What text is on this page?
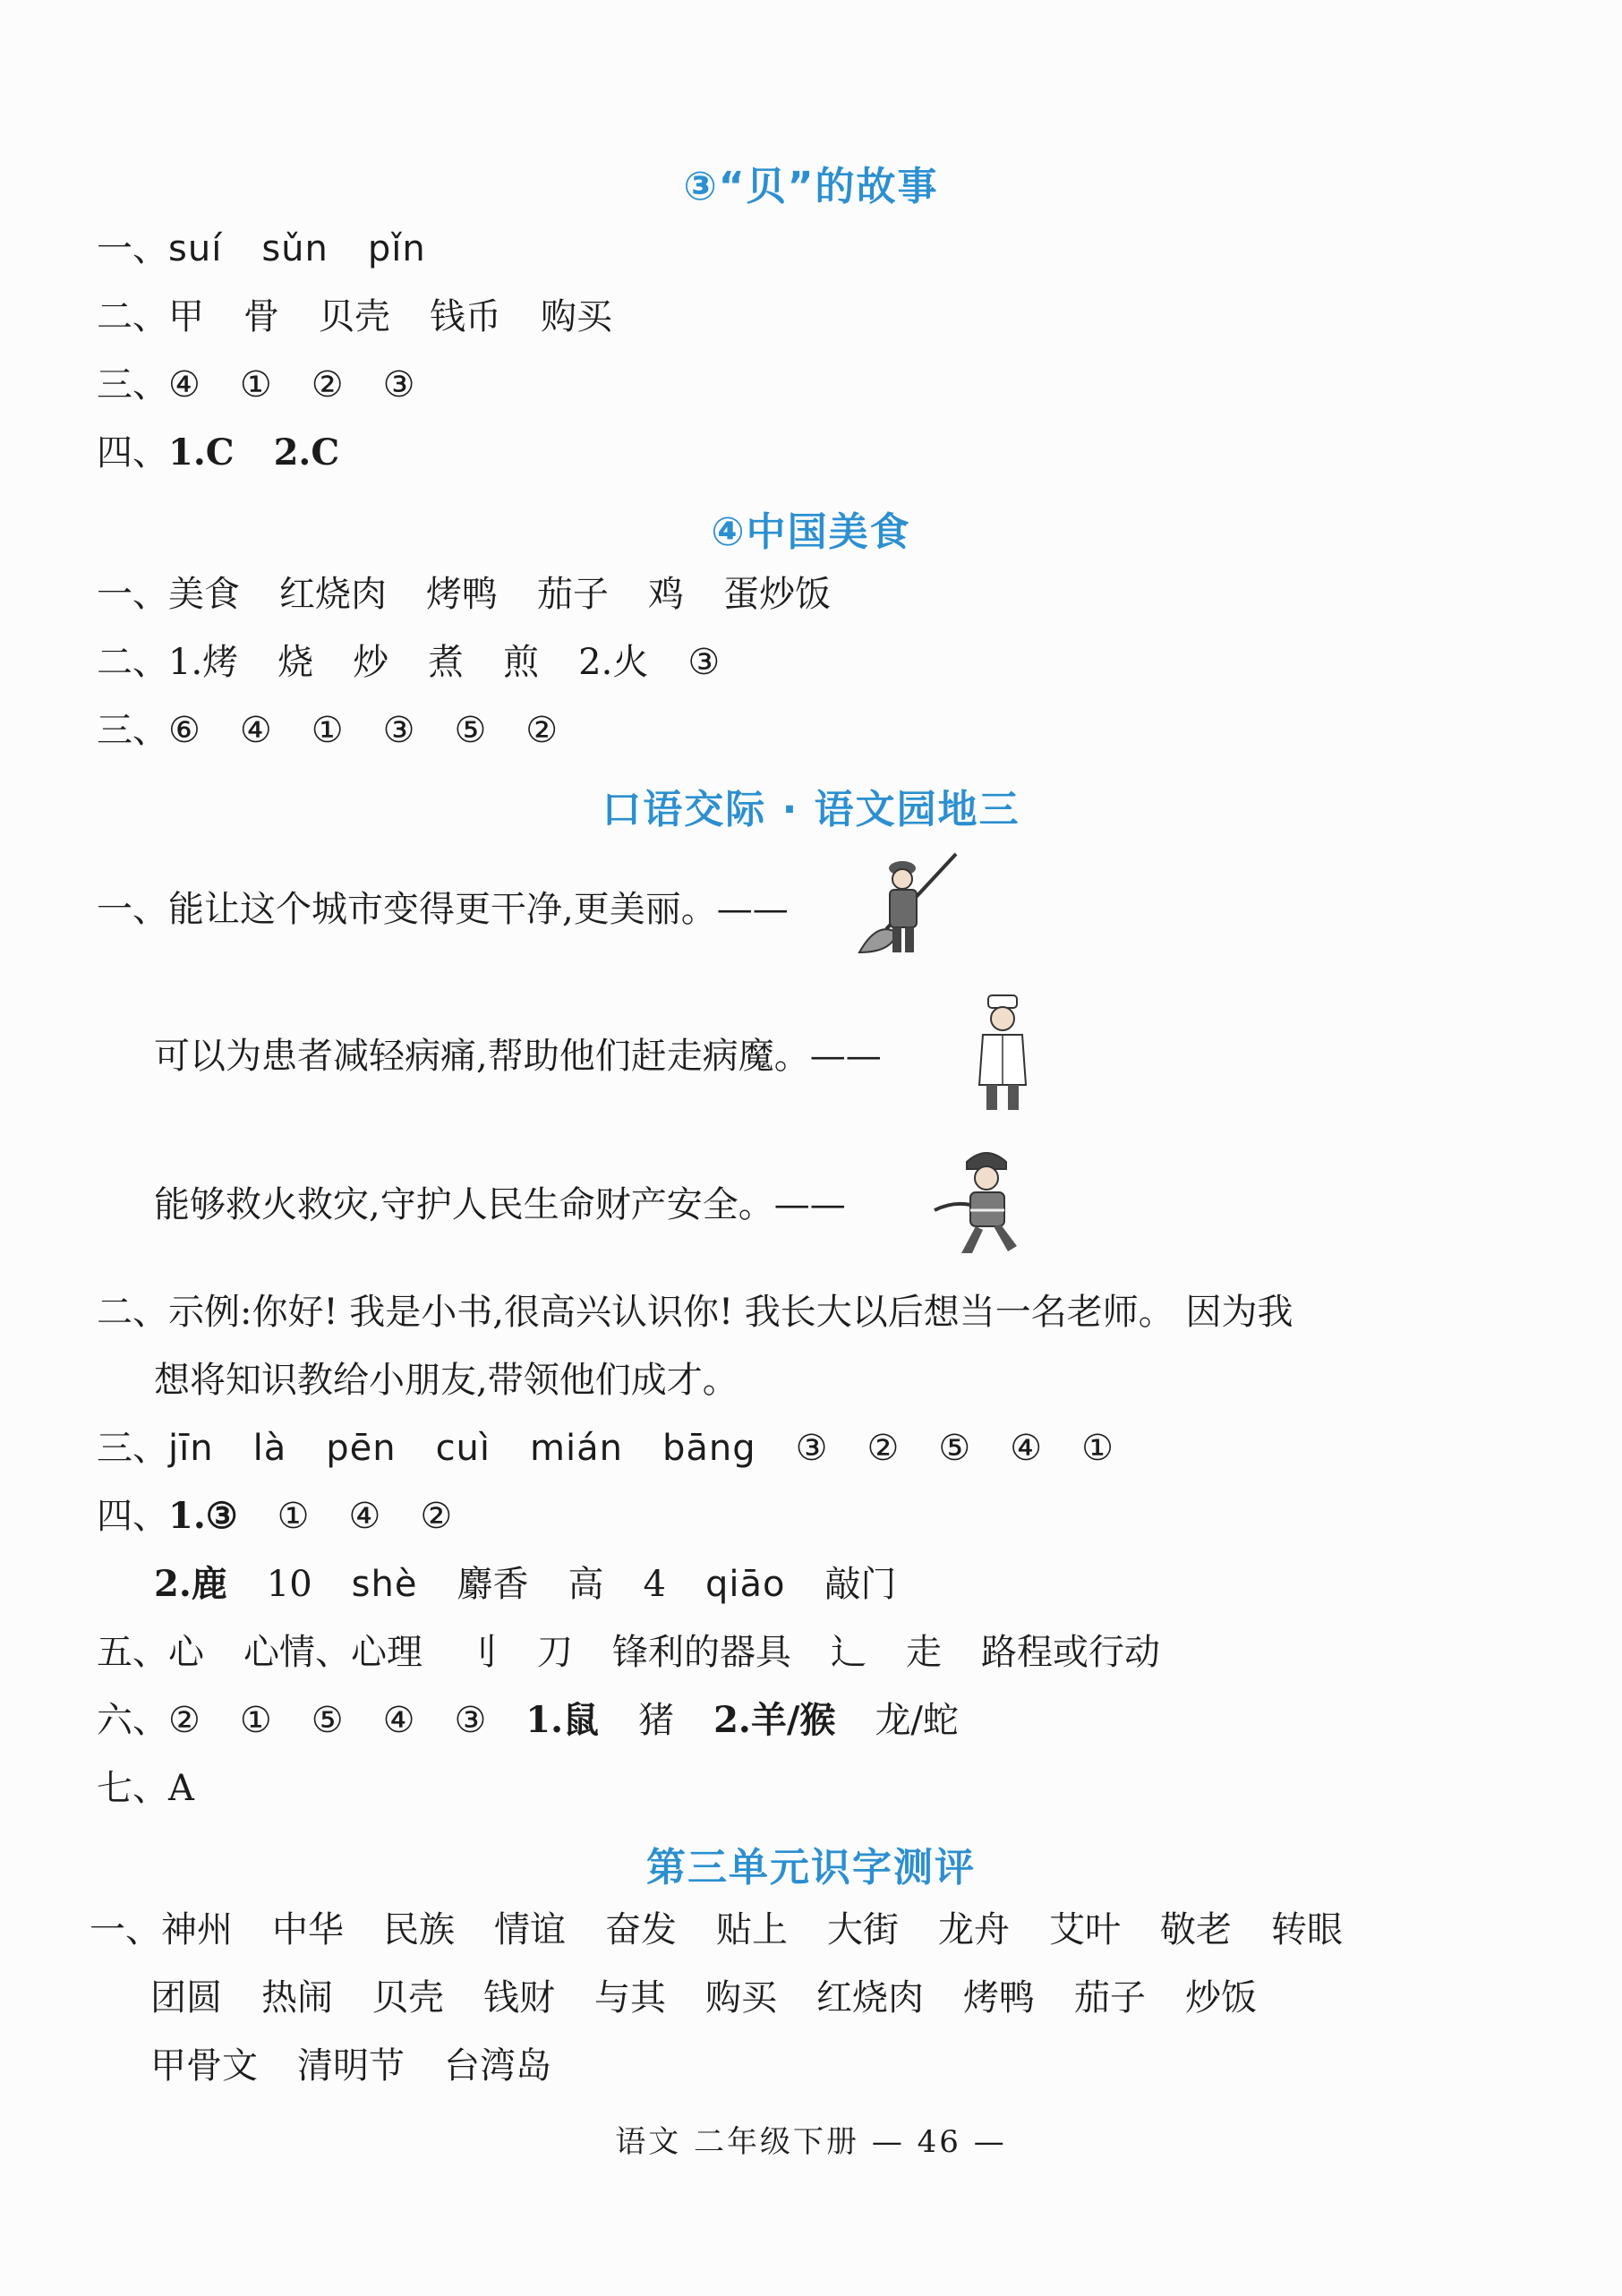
③“贝”的故事
一、suí sǔn pǐn
二、甲 骨 贝壳 钱币 购买
三、④ ① ② ③
四、1.C 2.C
④中国美食
一、美食 红烧肉 烤鸭 茄子 鸡 蛋炒饭
二、1.烤 烧 炒 煮 煎 2.火 ③
三、⑥ ④ ① ③ ⑤ ②
口语交际 · 语文园地三
一、能让这个城市变得更干净,更美丽。——
可以为患者减轻病痛,帮助他们赶走病魔。——
能够救火救灾,守护人民生命财产安全。——
二、示例:你好! 我是小书,很高兴认识你! 我长大以后想当一名老师。 因为我
想将知识教给小朋友,带领他们成才。
三、jīn là pēn cuì mián bāng ③ ② ⑤ ④ ①
四、1.③ ① ④ ②
2.鹿 10 shè 麝香 高 4 qiāo 敲门
五、心 心情、心理 刂 刀 锋利的器具 辶 走 路程或行动
六、② ① ⑤ ④ ③ 1.鼠 猪 2.羊/猴 龙/蛇
七、A
第三单元识字测评
一、神州 中华 民族 情谊 奋发 贴上 大街 龙舟 艾叶 敬老 转眼
团圆 热闹 贝壳 钱财 与其 购买 红烧肉 烤鸭 茄子 炒饭
甲骨文 清明节 台湾岛
语文 二年级下册 — 46 —
